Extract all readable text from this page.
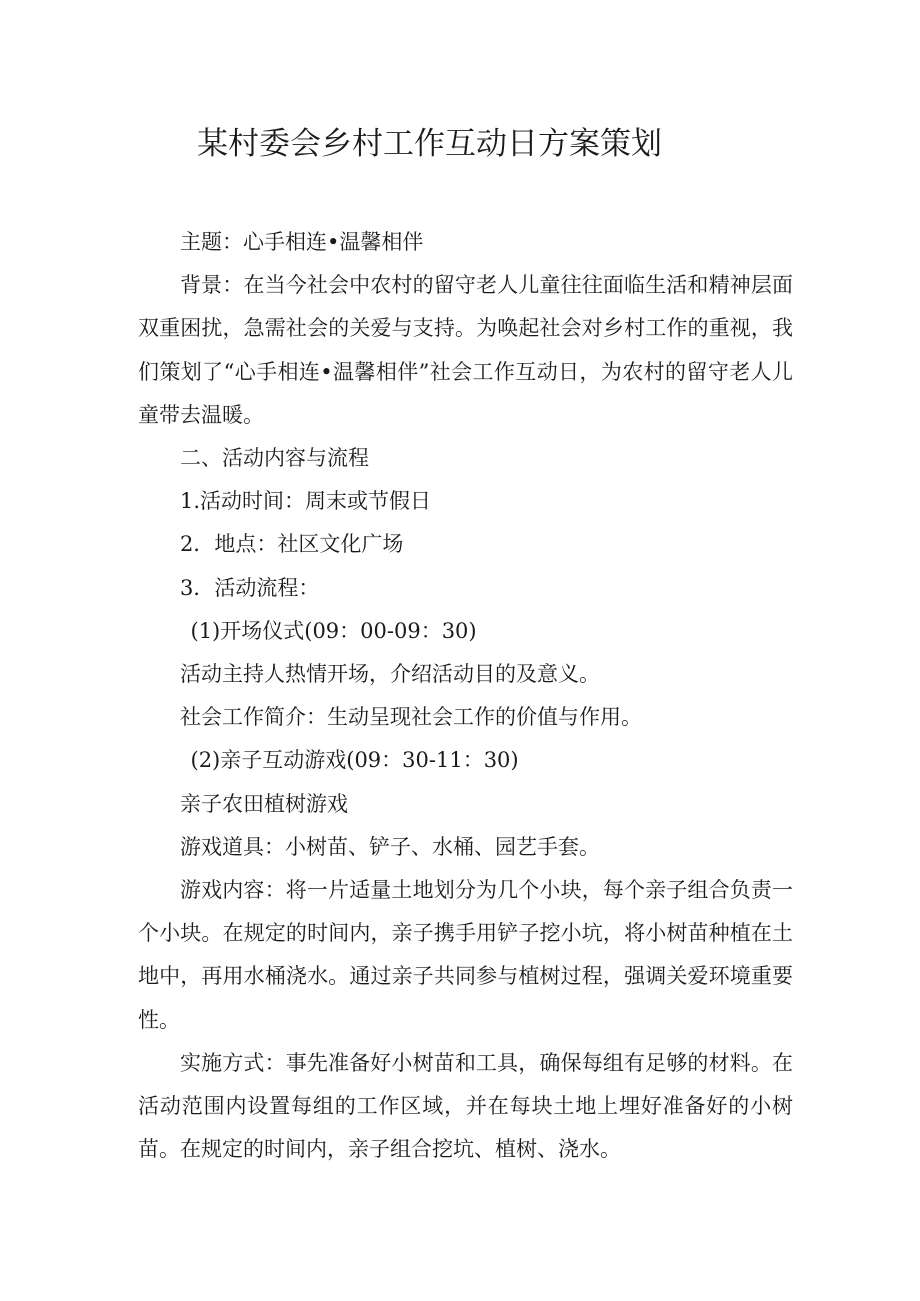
某村委会乡村工作互动日方案策划

主题：心手相连•温馨相伴

背景：在当今社会中农村的留守老人儿童往往面临生活和精神层面双重困扰，急需社会的关爱与支持。为唤起社会对乡村工作的重视，我们策划了“心手相连•温馨相伴”社会工作互动日，为农村的留守老人儿童带去温暖。

二、活动内容与流程

1.活动时间：周末或节假日

2．地点：社区文化广场

3．活动流程：

(1)开场仪式(09：00-09：30)

活动主持人热情开场，介绍活动目的及意义。

社会工作简介：生动呈现社会工作的价值与作用。

(2)亲子互动游戏(09：30-11：30)

亲子农田植树游戏

游戏道具：小树苗、铲子、水桶、园艺手套。

游戏内容：将一片适量土地划分为几个小块，每个亲子组合负责一个小块。在规定的时间内，亲子携手用铲子挖小坑，将小树苗种植在土地中，再用水桶浇水。通过亲子共同参与植树过程，强调关爱环境重要性。

实施方式：事先准备好小树苗和工具，确保每组有足够的材料。在活动范围内设置每组的工作区域，并在每块土地上埋好准备好的小树苗。在规定的时间内，亲子组合挖坑、植树、浇水。
